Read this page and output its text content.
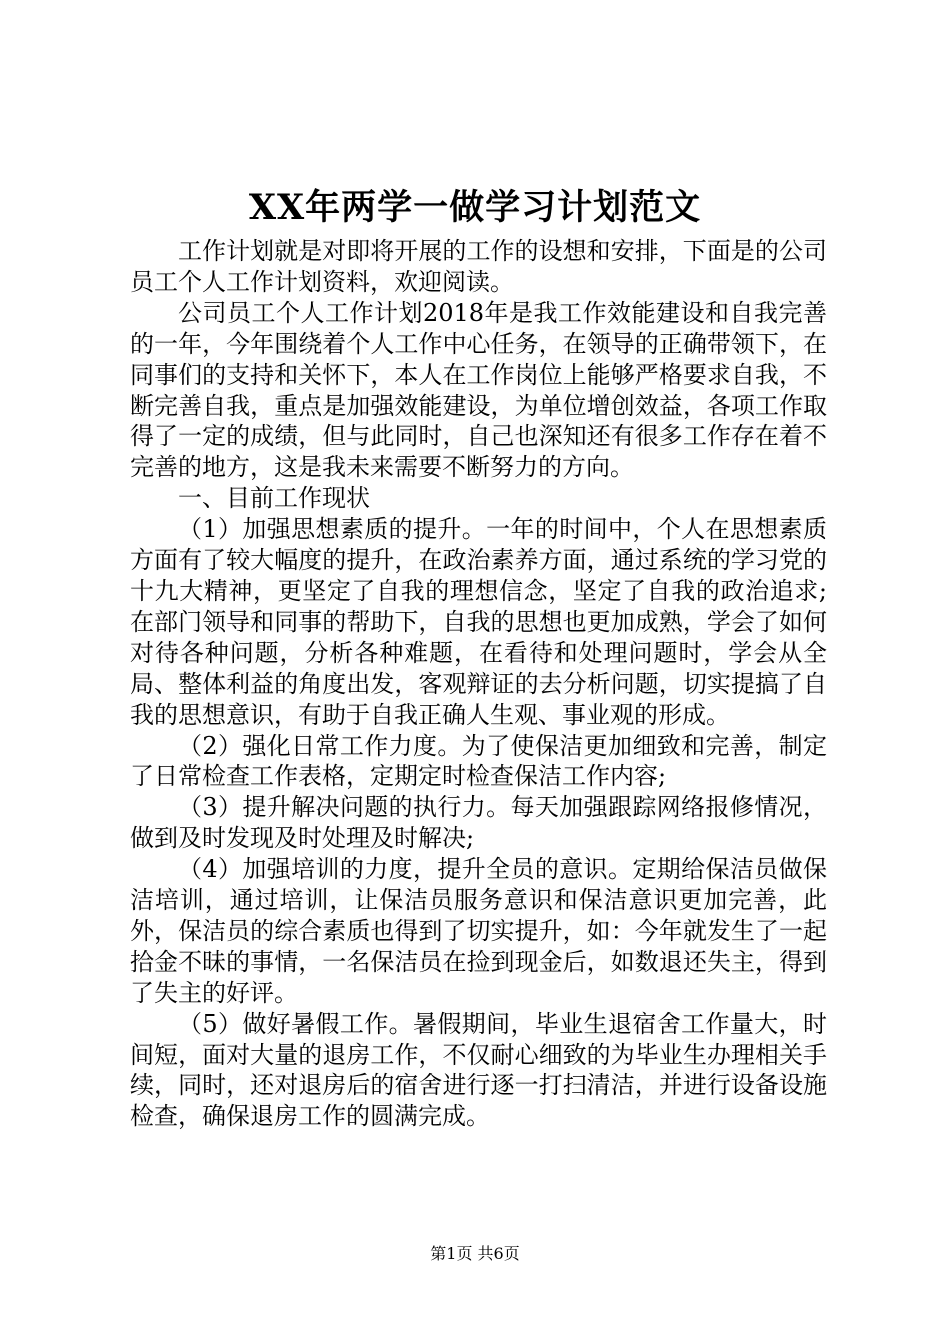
XX年两学一做学习计划范文

工作计划就是对即将开展的工作的设想和安排，下面是的公司员工个人工作计划资料，欢迎阅读。

公司员工个人工作计划2018年是我工作效能建设和自我完善的一年，今年围绕着个人工作中心任务，在领导的正确带领下，在同事们的支持和关怀下，本人在工作岗位上能够严格要求自我，不断完善自我，重点是加强效能建设，为单位增创效益，各项工作取得了一定的成绩，但与此同时，自己也深知还有很多工作存在着不完善的地方，这是我未来需要不断努力的方向。

一、目前工作现状

（1）加强思想素质的提升。一年的时间中，个人在思想素质方面有了较大幅度的提升，在政治素养方面，通过系统的学习党的十九大精神，更坚定了自我的理想信念，坚定了自我的政治追求;在部门领导和同事的帮助下，自我的思想也更加成熟，学会了如何对待各种问题，分析各种难题，在看待和处理问题时，学会从全局、整体利益的角度出发，客观辩证的去分析问题，切实提搞了自我的思想意识，有助于自我正确人生观、事业观的形成。

（2）强化日常工作力度。为了使保洁更加细致和完善，制定了日常检查工作表格，定期定时检查保洁工作内容;

（3）提升解决问题的执行力。每天加强跟踪网络报修情况，做到及时发现及时处理及时解决;

（4）加强培训的力度，提升全员的意识。定期给保洁员做保洁培训，通过培训，让保洁员服务意识和保洁意识更加完善，此外，保洁员的综合素质也得到了切实提升，如：今年就发生了一起拾金不昧的事情，一名保洁员在捡到现金后，如数退还失主，得到了失主的好评。

（5）做好暑假工作。暑假期间，毕业生退宿舍工作量大，时间短，面对大量的退房工作，不仅耐心细致的为毕业生办理相关手续，同时，还对退房后的宿舍进行逐一打扫清洁，并进行设备设施检查，确保退房工作的圆满完成。

第1页 共6页
